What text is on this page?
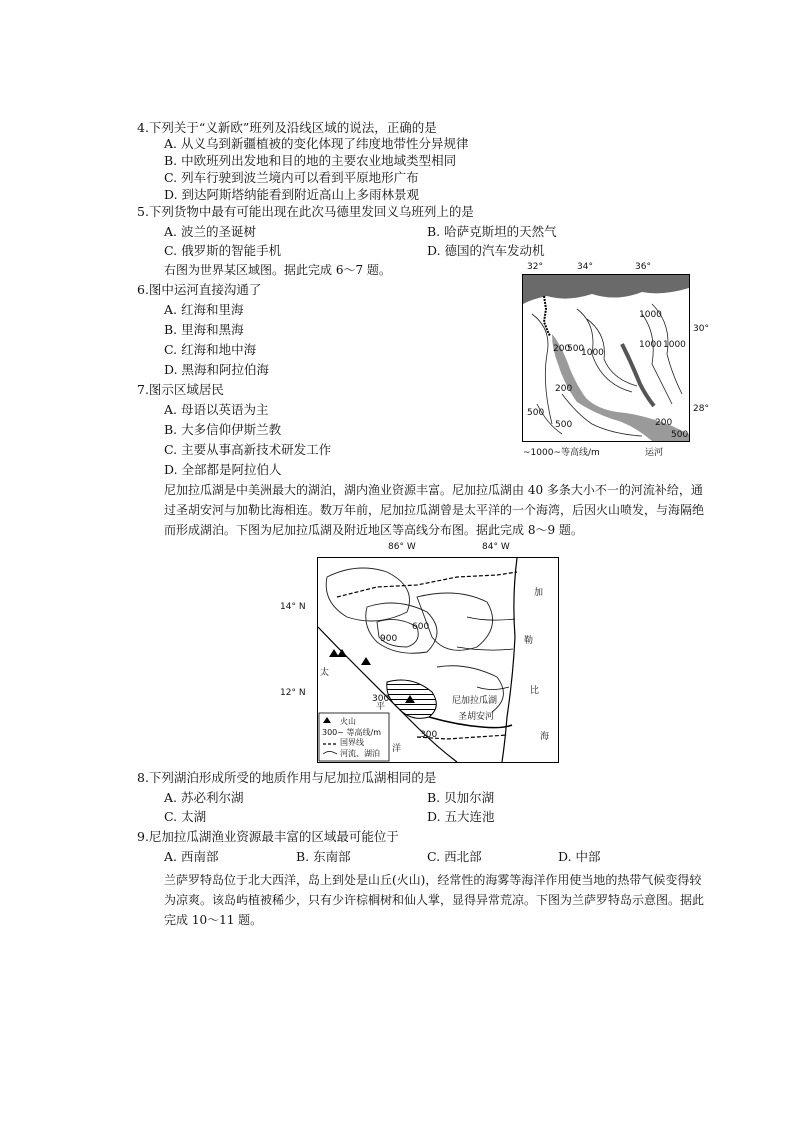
4.下列关于“义新欧”班列及沿线区域的说法，正确的是
A. 从义乌到新疆植被的变化体现了纬度地带性分异规律
B. 中欧班列出发地和目的地的主要农业地域类型相同
C. 列车行驶到波兰境内可以看到平原地形广布
D. 到达阿斯塔纳能看到附近高山上多雨林景观
5.下列货物中最有可能出现在此次马德里发回义乌班列上的是
A. 波兰的圣诞树	B. 哈萨克斯坦的天然气
C. 俄罗斯的智能手机	D. 德国的汽车发动机
右图为世界某区域图。据此完成 6～7 题。
6.图中运河直接沟通了
A. 红海和里海
B. 里海和黑海
C. 红海和地中海
D. 黑海和阿拉伯海
7.图示区域居民
A. 母语以英语为主
B. 大多信仰伊斯兰教
C. 主要从事高新技术研发工作
D. 全部都是阿拉伯人
32°	34°	36°
30°
28°
1000
1000
1000
200
500
1000
200
500
500	200
500
~1000~等高线/m	运河
尼加拉瓜湖是中美洲最大的湖泊，湖内渔业资源丰富。尼加拉瓜湖由 40 多条大小不一的河流补给，通过圣胡安河与加勒比海相连。数万年前，尼加拉瓜湖曾是太平洋的一个海湾，后因火山喷发，与海隔绝而形成湖泊。下图为尼加拉瓜湖及附近地区等高线分布图。据此完成 8～9 题。
86° W	84° W
14° N
12° N
加
勒
比
海
太
平
洋
600
900
300
300
尼加拉瓜湖
圣胡安河
火山
300~ 等高线/m
国界线
河流、湖泊
8.下列湖泊形成所受的地质作用与尼加拉瓜湖相同的是
A. 苏必利尔湖	B. 贝加尔湖
C. 太湖	D. 五大连池
9.尼加拉瓜湖渔业资源最丰富的区域最可能位于
A. 西南部	B. 东南部	C. 西北部	D. 中部
兰萨罗特岛位于北大西洋，岛上到处是山丘(火山)，经常性的海雾等海洋作用使当地的热带气候变得较为凉爽。该岛屿植被稀少，只有少许棕榈树和仙人掌，显得异常荒凉。下图为兰萨罗特岛示意图。据此完成 10～11 题。
